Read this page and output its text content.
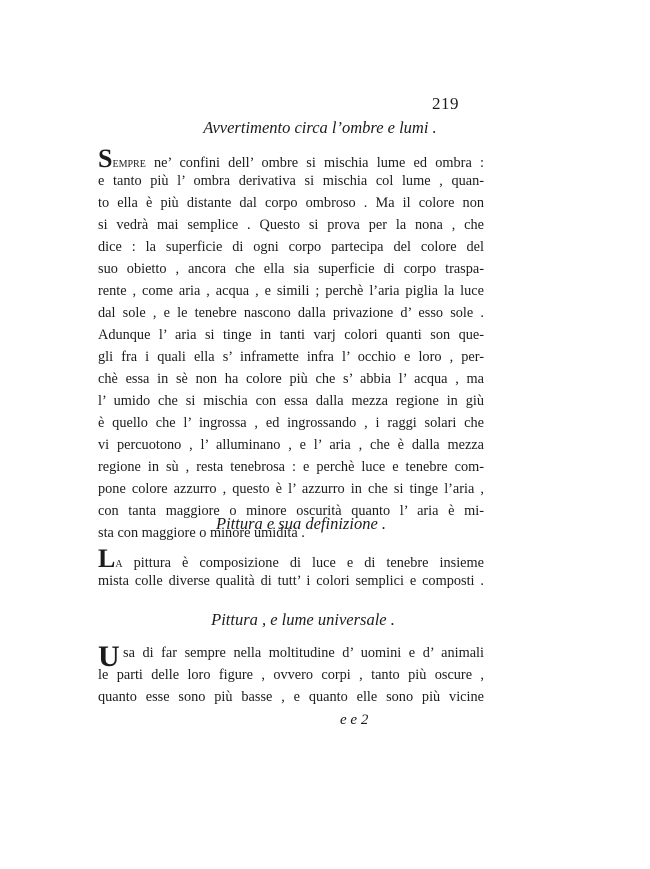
219
Avvertimento circa l’ombre e lumi .
Sempre ne’ confini dell’ ombre si mischia lume ed ombra :
e tanto più l’ ombra derivativa si mischia col lume , quan-
to ella è più distante dal corpo ombroso . Ma il colore non
si vedrà mai semplice . Questo si prova per la nona , che
dice : la superficie di ogni corpo partecipa del colore del
suo obietto , ancora che ella sia superficie di corpo traspa-
rente , come aria , acqua , e simili ; perchè l’aria piglia la luce
dal sole , e le tenebre nascono dalla privazione d’ esso sole .
Adunque l’ aria si tinge in tanti varj colori quanti son que-
gli fra i quali ella s’ inframette infra l’ occhio e loro , per-
chè essa in sè non ha colore più che s’ abbia l’ acqua , ma
l’ umido che si mischia con essa dalla mezza regione in giù
è quello che l’ ingrossa , ed ingrossando , i raggi solari che
vi percuotono , l’ alluminano , e l’ aria , che è dalla mezza
regione in sù , resta tenebrosa : e perchè luce e tenebre com-
pone colore azzurro , questo è l’ azzurro in che si tinge l’aria ,
con tanta maggiore o minore oscurità quanto l’ aria è mi-
sta con maggiore o minore umidità .
Pittura e sua definizione .
La pittura è composizione di luce e di tenebre insieme
mista colle diverse qualità di tutt’ i colori semplici e composti .
Pittura , e lume universale .
U sa di far sempre nella moltitudine d’ uomini e d’ animali
le parti delle loro figure , ovvero corpi , tanto più oscure ,
quanto esse sono più basse , e quanto elle sono più vicine
e e 2
